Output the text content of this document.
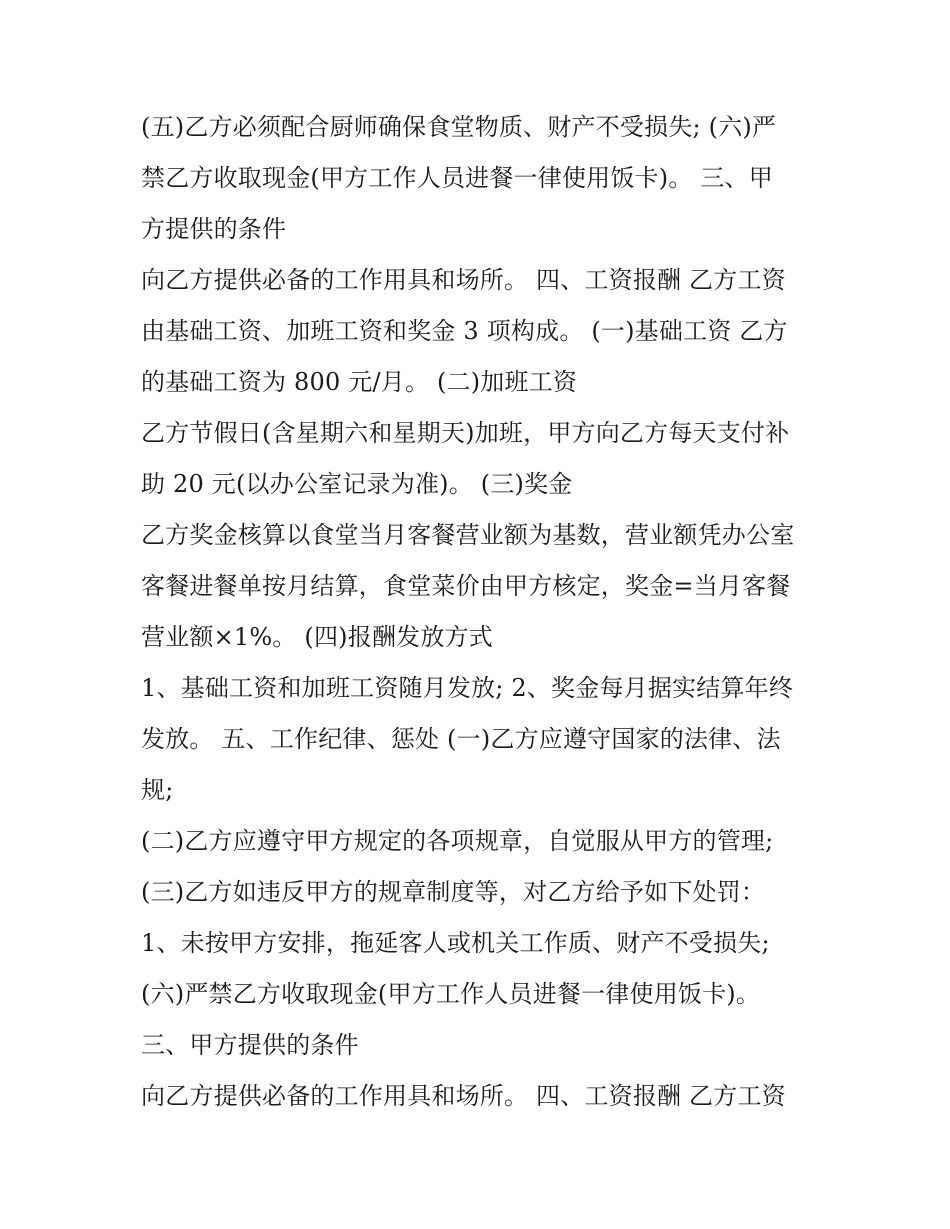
(五)乙方必须配合厨师确保食堂物质、财产不受损失; (六)严
禁乙方收取现金(甲方工作人员进餐一律使用饭卡)。 三、甲
方提供的条件
向乙方提供必备的工作用具和场所。 四、工资报酬 乙方工资
由基础工资、加班工资和奖金 3 项构成。 (一)基础工资 乙方
的基础工资为 800 元/月。 (二)加班工资
乙方节假日(含星期六和星期天)加班，甲方向乙方每天支付补
助 20 元(以办公室记录为准)。 (三)奖金
乙方奖金核算以食堂当月客餐营业额为基数，营业额凭办公室
客餐进餐单按月结算，食堂菜价由甲方核定，奖金=当月客餐
营业额×1%。 (四)报酬发放方式
1、基础工资和加班工资随月发放; 2、奖金每月据实结算年终
发放。 五、工作纪律、惩处 (一)乙方应遵守国家的法律、法
规;
(二)乙方应遵守甲方规定的各项规章，自觉服从甲方的管理;
(三)乙方如违反甲方的规章制度等，对乙方给予如下处罚：
1、未按甲方安排，拖延客人或机关工作质、财产不受损失;
(六)严禁乙方收取现金(甲方工作人员进餐一律使用饭卡)。
三、甲方提供的条件
向乙方提供必备的工作用具和场所。 四、工资报酬 乙方工资
